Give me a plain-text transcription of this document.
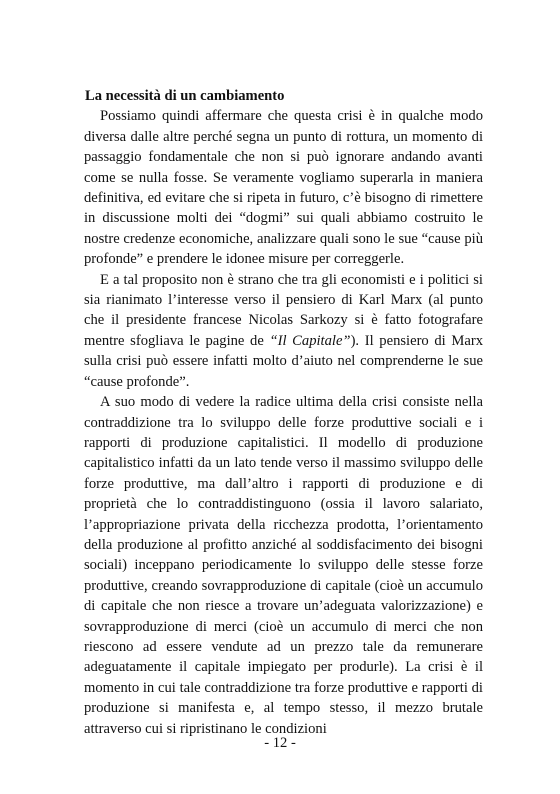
La necessità di un cambiamento

Possiamo quindi affermare che questa crisi è in qualche modo diversa dalle altre perché segna un punto di rottura, un momento di passaggio fondamentale che non si può ignorare andando avanti come se nulla fosse. Se veramente vogliamo superarla in maniera definitiva, ed evitare che si ripeta in futuro, c’è bisogno di rimettere in discussione molti dei “dogmi” sui quali abbiamo costruito le nostre credenze economiche, analizzare quali sono le sue “cause più profonde” e prendere le idonee misure per correggerle.

E a tal proposito non è strano che tra gli economisti e i politici si sia rianimato l’interesse verso il pensiero di Karl Marx (al punto che il presidente francese Nicolas Sarkozy si è fatto fotografare mentre sfogliava le pagine de “Il Capitale”). Il pensiero di Marx sulla crisi può essere infatti molto d’aiuto nel comprenderne le sue “cause profonde”.

A suo modo di vedere la radice ultima della crisi consiste nella contraddizione tra lo sviluppo delle forze produttive sociali e i rapporti di produzione capitalistici. Il modello di produzione capitalistico infatti da un lato tende verso il massimo sviluppo delle forze produttive, ma dall’altro i rapporti di produzione e di proprietà che lo contraddistinguono (ossia il lavoro salariato, l’appropriazione privata della ricchezza prodotta, l’orientamento della produzione al profitto anziché al soddisfacimento dei bisogni sociali) inceppano periodicamente lo sviluppo delle stesse forze produttive, creando sovrapproduzione di capitale (cioè un accumulo di capitale che non riesce a trovare un’adeguata valorizzazione) e sovrapproduzione di merci (cioè un accumulo di merci che non riescono ad essere vendute ad un prezzo tale da remunerare adeguatamente il capitale impiegato per produrle). La crisi è il momento in cui tale contraddizione tra forze produttive e rapporti di produzione si manifesta e, al tempo stesso, il mezzo brutale attraverso cui si ripristinano le condizioni

- 12 -
